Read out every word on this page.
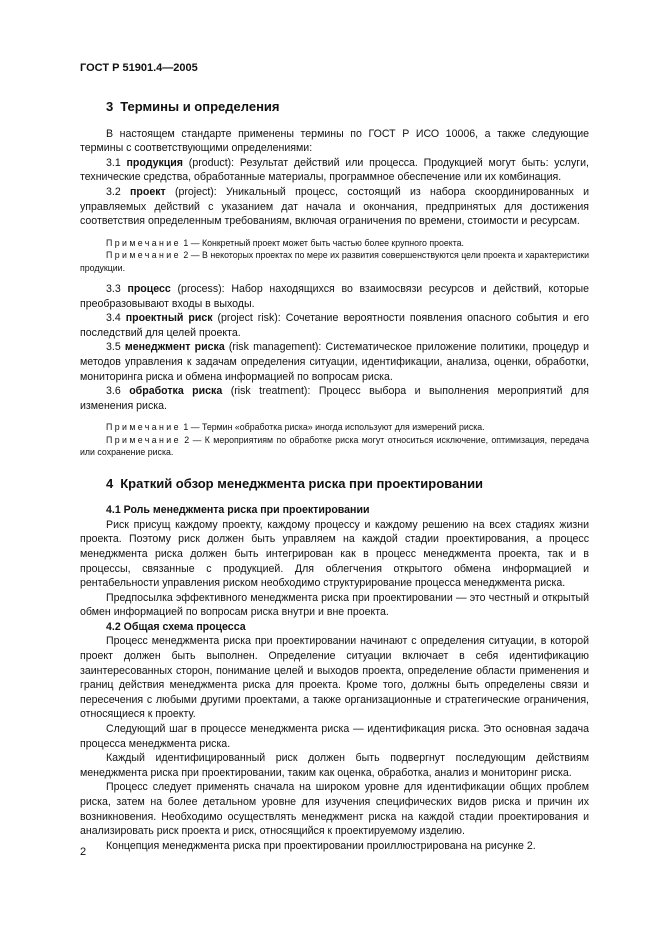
ГОСТ Р 51901.4—2005
3 Термины и определения

В настоящем стандарте применены термины по ГОСТ Р ИСО 10006, а также следующие термины с соответствующими определениями:

3.1 продукция (product): Результат действий или процесса. Продукцией могут быть: услуги, технические средства, обработанные материалы, программное обеспечение или их комбинация.

3.2 проект (project): Уникальный процесс, состоящий из набора скоординированных и управляемых действий с указанием дат начала и окончания, предпринятых для достижения соответствия определенным требованиям, включая ограничения по времени, стоимости и ресурсам.

Примечание 1 — Конкретный проект может быть частью более крупного проекта.

Примечание 2 — В некоторых проектах по мере их развития совершенствуются цели проекта и характеристики продукции.

3.3 процесс (process): Набор находящихся во взаимосвязи ресурсов и действий, которые преобразовывают входы в выходы.

3.4 проектный риск (project risk): Сочетание вероятности появления опасного события и его последствий для целей проекта.

3.5 менеджмент риска (risk management): Систематическое приложение политики, процедур и методов управления к задачам определения ситуации, идентификации, анализа, оценки, обработки, мониторинга риска и обмена информацией по вопросам риска.

3.6 обработка риска (risk treatment): Процесс выбора и выполнения мероприятий для изменения риска.

Примечание 1 — Термин «обработка риска» иногда используют для измерений риска.

Примечание 2 — К мероприятиям по обработке риска могут относиться исключение, оптимизация, передача или сохранение риска.

4 Краткий обзор менеджмента риска при проектировании

4.1 Роль менеджмента риска при проектировании

Риск присущ каждому проекту, каждому процессу и каждому решению на всех стадиях жизни проекта. Поэтому риск должен быть управляем на каждой стадии проектирования, а процесс менеджмента риска должен быть интегрирован как в процесс менеджмента проекта, так и в процессы, связанные с продукцией. Для облегчения открытого обмена информацией и рентабельности управления риском необходимо структурирование процесса менеджмента риска.

Предпосылка эффективного менеджмента риска при проектировании — это честный и открытый обмен информацией по вопросам риска внутри и вне проекта.

4.2 Общая схема процесса

Процесс менеджмента риска при проектировании начинают с определения ситуации, в которой проект должен быть выполнен. Определение ситуации включает в себя идентификацию заинтересованных сторон, понимание целей и выходов проекта, определение области применения и границ действия менеджмента риска для проекта. Кроме того, должны быть определены связи и пересечения с любыми другими проектами, а также организационные и стратегические ограничения, относящиеся к проекту.

Следующий шаг в процессе менеджмента риска — идентификация риска. Это основная задача процесса менеджмента риска.

Каждый идентифицированный риск должен быть подвергнут последующим действиям менеджмента риска при проектировании, таким как оценка, обработка, анализ и мониторинг риска.

Процесс следует применять сначала на широком уровне для идентификации общих проблем риска, затем на более детальном уровне для изучения специфических видов риска и причин их возникновения. Необходимо осуществлять менеджмент риска на каждой стадии проектирования и анализировать риск проекта и риск, относящийся к проектируемому изделию.

Концепция менеджмента риска при проектировании проиллюстрирована на рисунке 2.

2
